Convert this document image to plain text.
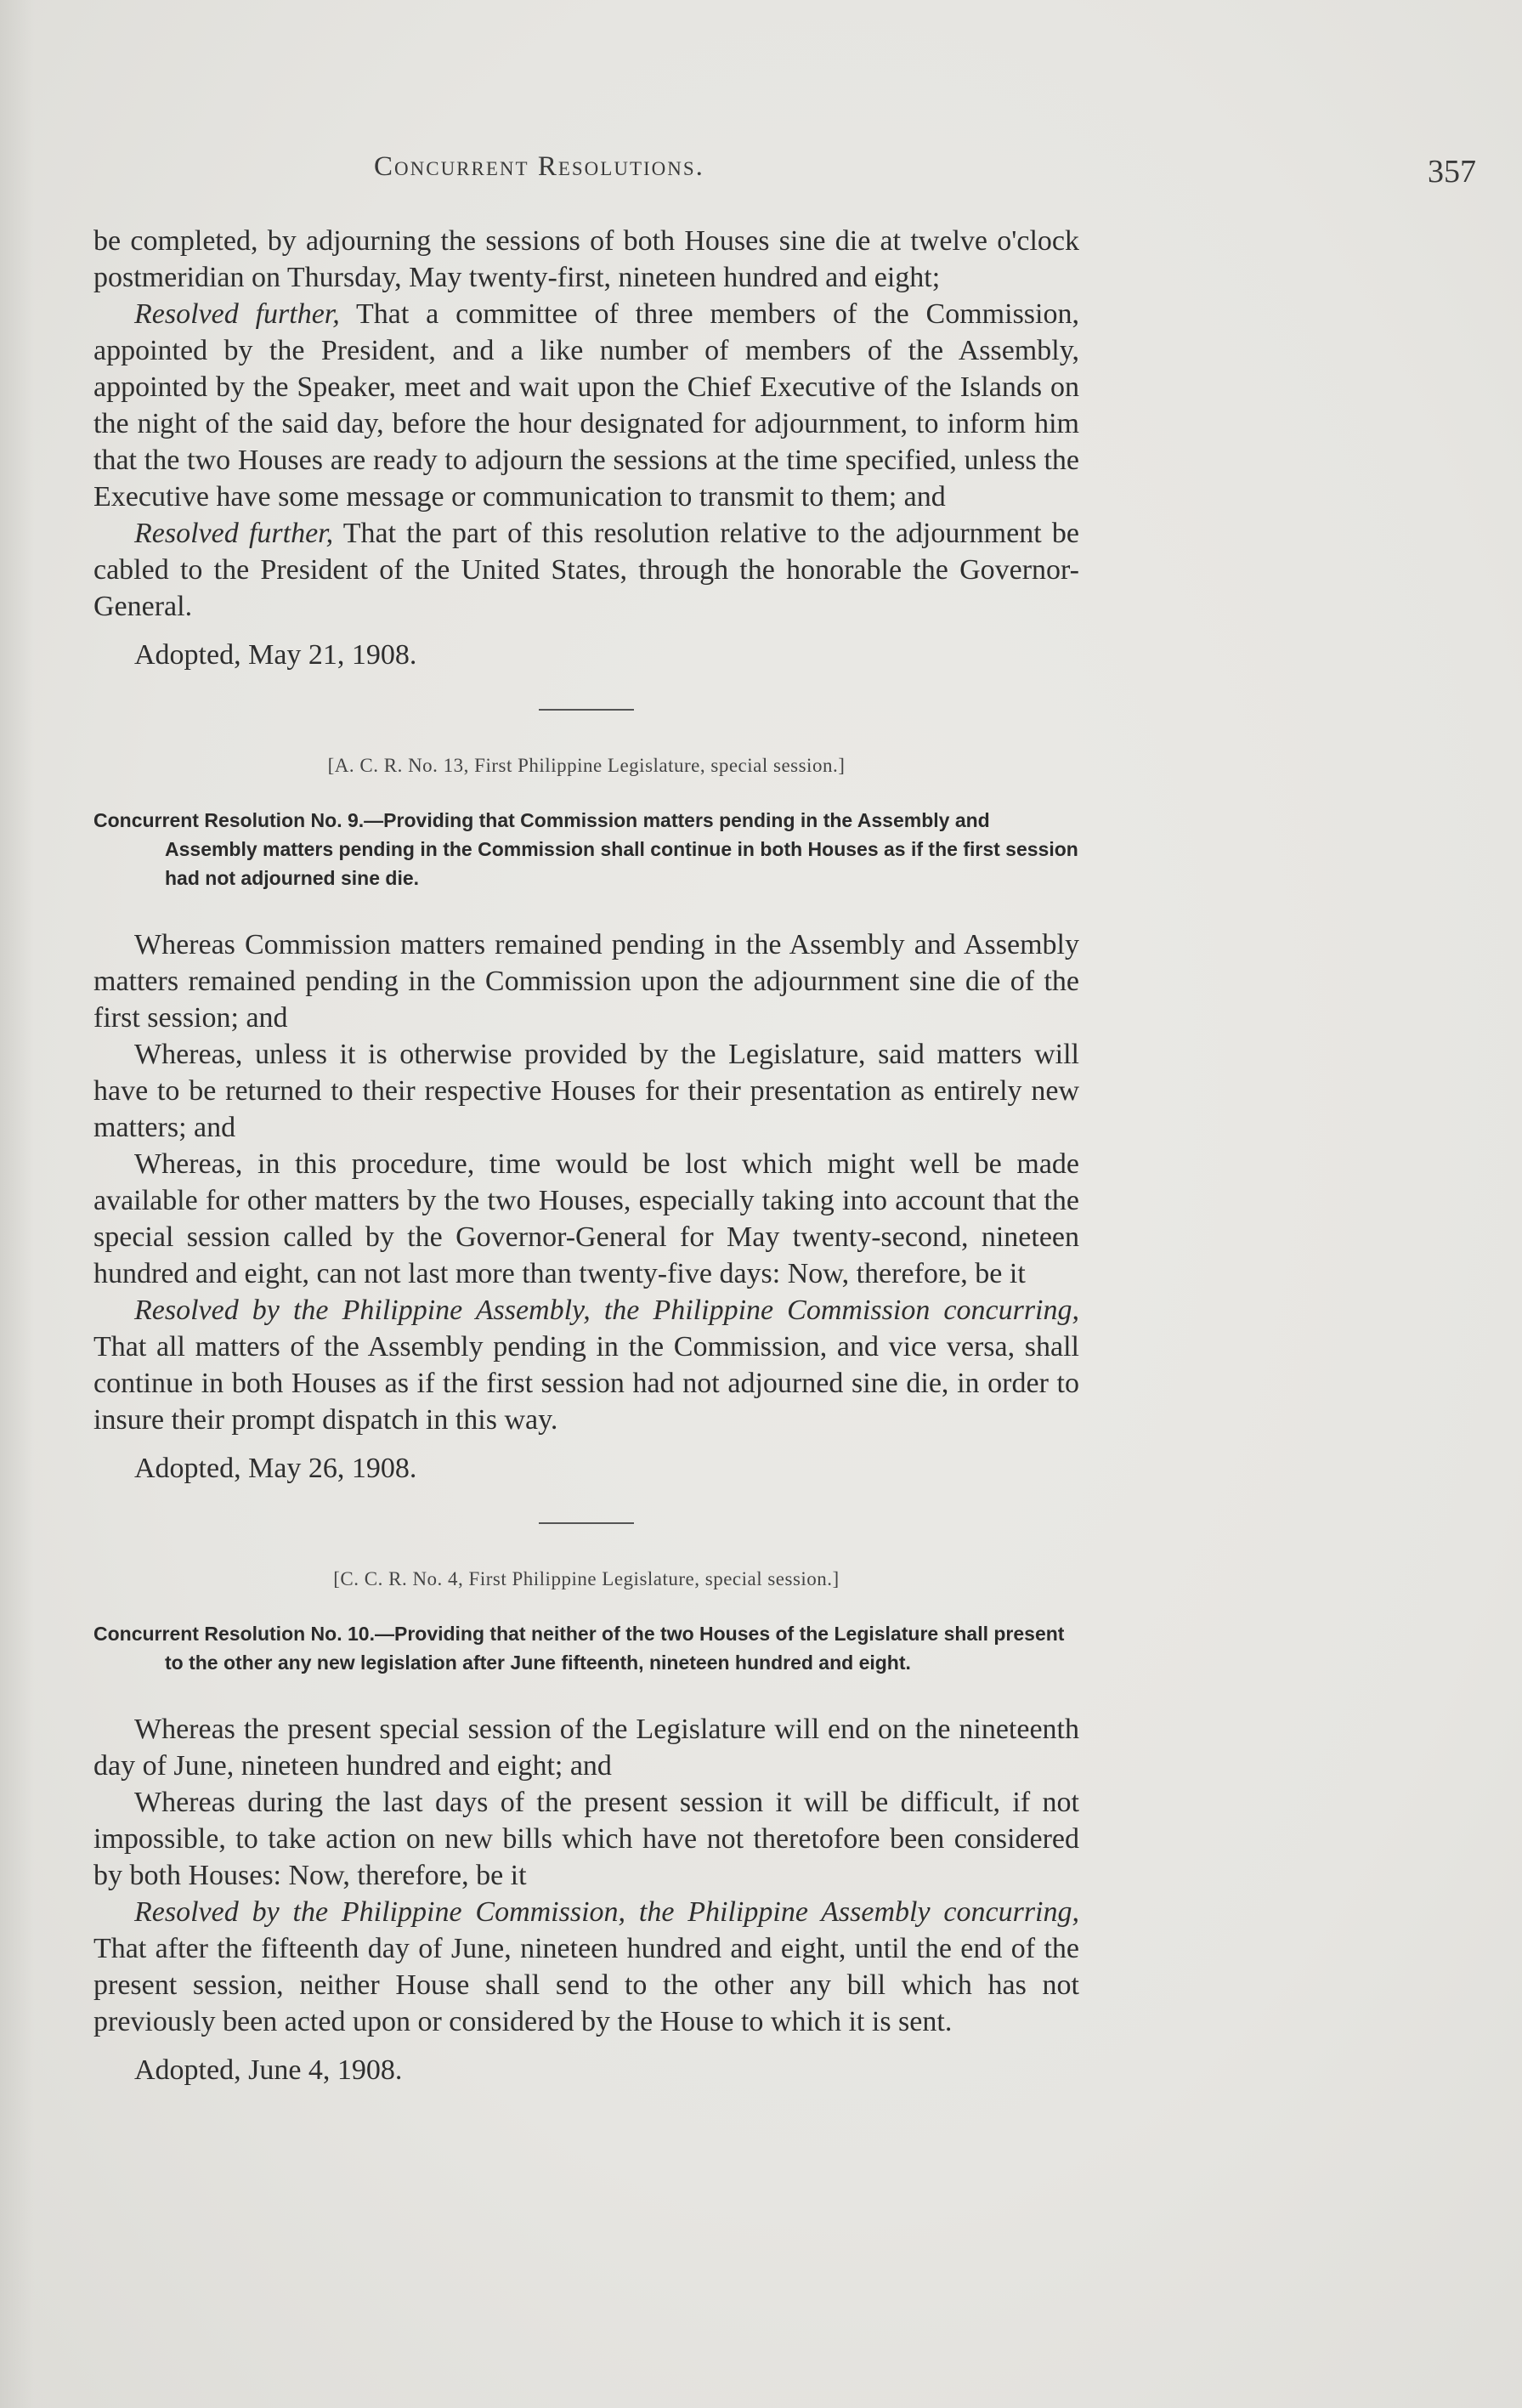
Concurrent Resolutions.	357

be completed, by adjourning the sessions of both Houses sine die at twelve o'clock postmeridian on Thursday, May twenty-first, nineteen hundred and eight;

Resolved further, That a committee of three members of the Commission, appointed by the President, and a like number of members of the Assembly, appointed by the Speaker, meet and wait upon the Chief Executive of the Islands on the night of the said day, before the hour designated for adjournment, to inform him that the two Houses are ready to adjourn the sessions at the time specified, unless the Executive have some message or communication to transmit to them; and

Resolved further, That the part of this resolution relative to the adjournment be cabled to the President of the United States, through the honorable the Governor-General.

Adopted, May 21, 1908.
[A. C. R. No. 13, First Philippine Legislature, special session.]
Concurrent Resolution No. 9.—Providing that Commission matters pending in the Assembly and Assembly matters pending in the Commission shall continue in both Houses as if the first session had not adjourned sine die.

Whereas Commission matters remained pending in the Assembly and Assembly matters remained pending in the Commission upon the adjournment sine die of the first session; and

Whereas, unless it is otherwise provided by the Legislature, said matters will have to be returned to their respective Houses for their presentation as entirely new matters; and

Whereas, in this procedure, time would be lost which might well be made available for other matters by the two Houses, especially taking into account that the special session called by the Governor-General for May twenty-second, nineteen hundred and eight, can not last more than twenty-five days: Now, therefore, be it

Resolved by the Philippine Assembly, the Philippine Commission concurring, That all matters of the Assembly pending in the Commission, and vice versa, shall continue in both Houses as if the first session had not adjourned sine die, in order to insure their prompt dispatch in this way.

Adopted, May 26, 1908.
[C. C. R. No. 4, First Philippine Legislature, special session.]
Concurrent Resolution No. 10.—Providing that neither of the two Houses of the Legislature shall present to the other any new legislation after June fifteenth, nineteen hundred and eight.

Whereas the present special session of the Legislature will end on the nineteenth day of June, nineteen hundred and eight; and

Whereas during the last days of the present session it will be difficult, if not impossible, to take action on new bills which have not theretofore been considered by both Houses: Now, therefore, be it

Resolved by the Philippine Commission, the Philippine Assembly concurring, That after the fifteenth day of June, nineteen hundred and eight, until the end of the present session, neither House shall send to the other any bill which has not previously been acted upon or considered by the House to which it is sent.

Adopted, June 4, 1908.
